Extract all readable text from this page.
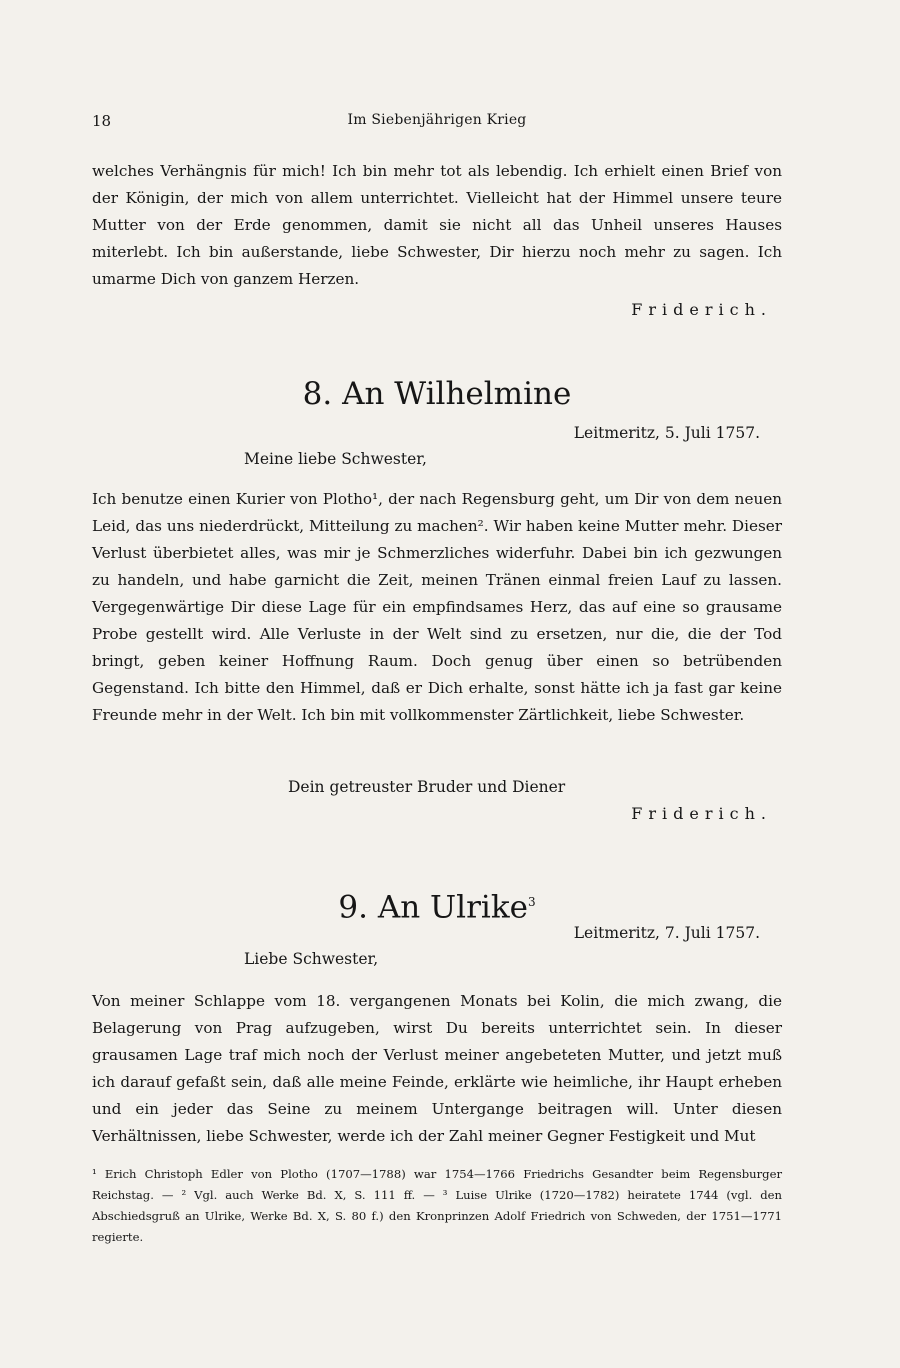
18	Im Siebenjährigen Krieg

welches Verhängnis für mich! Ich bin mehr tot als lebendig. Ich erhielt einen Brief von der Königin, der mich von allem unterrichtet. Vielleicht hat der Himmel unsere teure Mutter von der Erde genommen, damit sie nicht all das Unheil unseres Hauses miterlebt. Ich bin außerstande, liebe Schwester, Dir hierzu noch mehr zu sagen. Ich umarme Dich von ganzem Herzen.

Friderich.
8. An Wilhelmine
Leitmeritz, 5. Juli 1757.
Meine liebe Schwester,

Ich benutze einen Kurier von Plotho¹, der nach Regensburg geht, um Dir von dem neuen Leid, das uns niederdrückt, Mitteilung zu machen². Wir haben keine Mutter mehr. Dieser Verlust überbietet alles, was mir je Schmerzliches widerfuhr. Dabei bin ich gezwungen zu handeln, und habe garnicht die Zeit, meinen Tränen einmal freien Lauf zu lassen. Vergegenwärtige Dir diese Lage für ein empfindsames Herz, das auf eine so grausame Probe gestellt wird. Alle Verluste in der Welt sind zu ersetzen, nur die, die der Tod bringt, geben keiner Hoffnung Raum. Doch genug über einen so betrübenden Gegenstand. Ich bitte den Himmel, daß er Dich erhalte, sonst hätte ich ja fast gar keine Freunde mehr in der Welt. Ich bin mit vollkommenster Zärtlichkeit, liebe Schwester.

Dein getreuster Bruder und Diener
Friderich.
9. An Ulrike$^3$
Leitmeritz, 7. Juli 1757.
Liebe Schwester,

Von meiner Schlappe vom 18. vergangenen Monats bei Kolin, die mich zwang, die Belagerung von Prag aufzugeben, wirst Du bereits unterrichtet sein. In dieser grausamen Lage traf mich noch der Verlust meiner angebeteten Mutter, und jetzt muß ich darauf gefaßt sein, daß alle meine Feinde, erklärte wie heimliche, ihr Haupt erheben und ein jeder das Seine zu meinem Untergange beitragen will. Unter diesen Verhältnissen, liebe Schwester, werde ich der Zahl meiner Gegner Festigkeit und Mut

¹ Erich Christoph Edler von Plotho (1707—1788) war 1754—1766 Friedrichs Gesandter beim Regensburger Reichstag. — ² Vgl. auch Werke Bd. X, S. 111 ff. — ³ Luise Ulrike (1720—1782) heiratete 1744 (vgl. den Abschiedsgruß an Ulrike, Werke Bd. X, S. 80 f.) den Kronprinzen Adolf Friedrich von Schweden, der 1751—1771 regierte.
